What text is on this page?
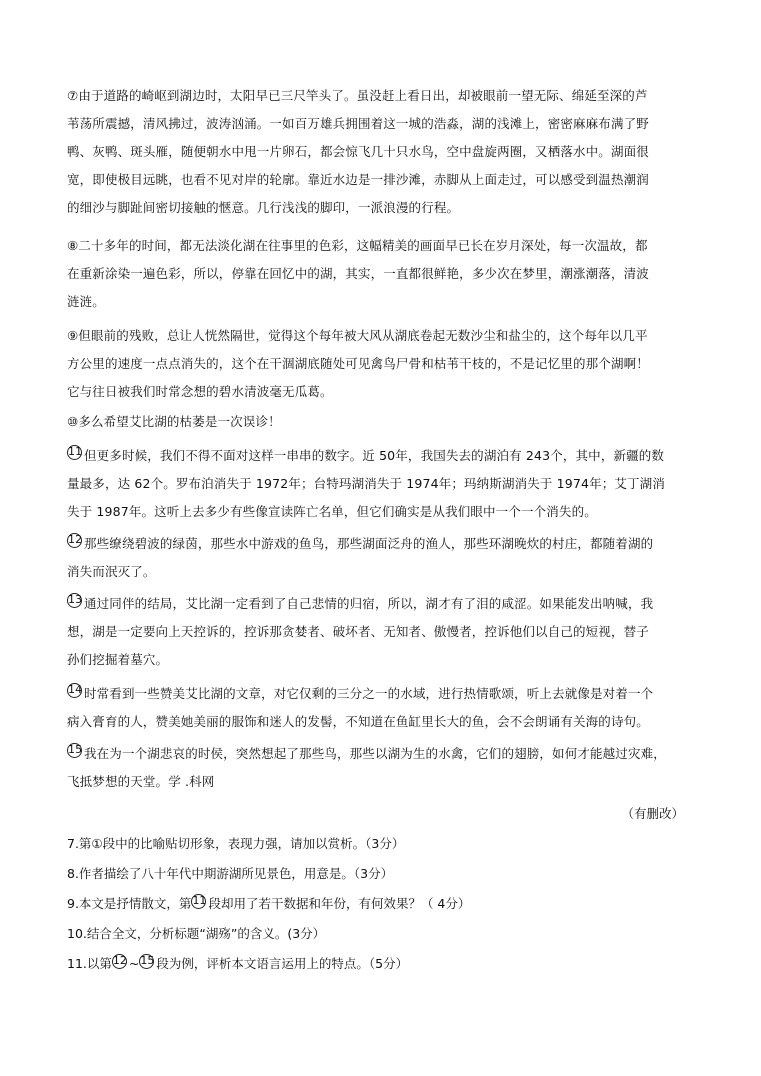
⑦由于道路的崎岖到湖边时，太阳早已三尺竿头了。虽没赶上看日出，却被眼前一望无际、绵延至深的芦
苇荡所震撼，清风拂过，波涛汹涌。一如百万雄兵拥围着这一城的浩淼，湖的浅滩上，密密麻麻布满了野
鸭、灰鸭、斑头雁，随便朝水中甩一片卵石，都会惊飞几十只水鸟，空中盘旋两圈，又栖落水中。湖面很
宽，即使极目远眺，也看不见对岸的轮廓。靠近水边是一排沙滩，赤脚从上面走过，可以感受到温热潮润
的细沙与脚趾间密切接触的惬意。几行浅浅的脚印，一派浪漫的行程。
⑧二十多年的时间，都无法淡化湖在往事里的色彩，这幅精美的画面早已长在岁月深处，每一次温故，都
在重新涂染一遍色彩，所以，停靠在回忆中的湖，其实，一直都很鲜艳，多少次在梦里，潮涨潮落，清波
涟涟。
⑨但眼前的残败，总让人恍然隔世，觉得这个每年被大风从湖底卷起无数沙尘和盐尘的，这个每年以几平
方公里的速度一点点消失的，这个在干涸湖底随处可见禽鸟尸骨和枯苇干枝的，不是记忆里的那个湖啊！
它与往日被我们时常念想的碧水清波毫无瓜葛。
⑩多么希望艾比湖的枯萎是一次误诊！
11 但更多时候，我们不得不面对这样一串串的数字。近 50年，我国失去的湖泊有 243个，其中，新疆的数
量最多，达 62个。罗布泊消失于 1972年；台特玛湖消失于 1974年；玛纳斯湖消失于 1974年；艾丁湖消
失于 1987年。这听上去多少有些像宣读阵亡名单，但它们确实是从我们眼中一个一个消失的。
12 那些缭绕碧波的绿茵，那些水中游戏的鱼鸟，那些湖面泛舟的渔人，那些环湖晚炊的村庄，都随着湖的
消失而泯灭了。
13 通过同伴的结局，艾比湖一定看到了自己悲情的归宿，所以，湖才有了泪的咸涩。如果能发出呐喊，我
想，湖是一定要向上天控诉的，控诉那贪婪者、破坏者、无知者、傲慢者，控诉他们以自己的短视，替子
孙们挖掘着墓穴。
14 时常看到一些赞美艾比湖的文章，对它仅剩的三分之一的水域，进行热情歌颂，听上去就像是对着一个
病入膏育的人，赞美她美丽的服饰和迷人的发髻，不知道在鱼缸里长大的鱼，会不会朗诵有关海的诗句。
15 我在为一个湖悲哀的时侯，突然想起了那些鸟，那些以湖为生的水禽，它们的翅膀，如何才能越过灾难，
飞抵梦想的天堂。学 .科网
（有删改）
7.第①段中的比喻贴切形象，表现力强，请加以赏析。（3分）
8.作者描绘了八十年代中期游湖所见景色，用意是。（3分）
9.本文是抒情散文，第11 段却用了若干数据和年份，有何效果？（ 4分）
10.结合全文，分析标题“湖殇”的含义。(3分）
11.以第12 ~15 段为例，评析本文语言运用上的特点。（5分）
